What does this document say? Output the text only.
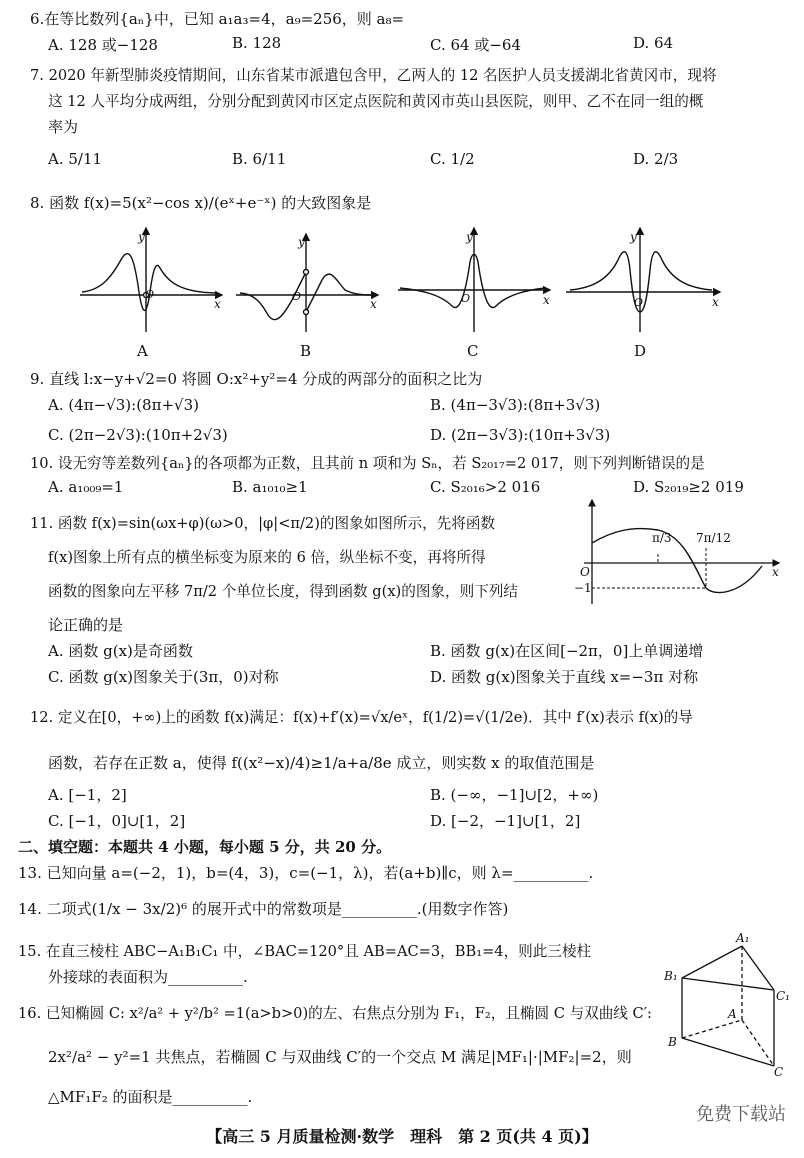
6.在等比数列{aₙ}中，已知 a₁a₃=4，a₉=256，则 a₈=
A. 128 或−128	B. 128	C. 64 或−64	D. 64
7. 2020 年新型肺炎疫情期间，山东省某市派遣包含甲，乙两人的 12 名医护人员支援湖北省黄冈市，现将
这 12 人平均分成两组，分别分配到黄冈市区定点医院和黄冈市英山县医院，则甲、乙不在同一组的概
率为
A. 5/11	B. 6/11	C. 1/2	D. 2/3
8. 函数 f(x)=5(x²−cos x)/(eˣ+e⁻ˣ) 的大致图象是
y
x
O
y
x
O
y
x
O
y
x
O
A	B	C	D
9. 直线 l:x−y+√2=0 将圆 O:x²+y²=4 分成的两部分的面积之比为
A. (4π−√3):(8π+√3)	B. (4π−3√3):(8π+3√3)
C. (2π−2√3):(10π+2√3)	D. (2π−3√3):(10π+3√3)
10. 设无穷等差数列{aₙ}的各项都为正数，且其前 n 项和为 Sₙ，若 S₂₀₁₇=2 017，则下列判断错误的是
A. a₁₀₀₉=1	B. a₁₀₁₀≥1	C. S₂₀₁₆>2 016	D. S₂₀₁₉≥2 019
11. 函数 f(x)=sin(ωx+φ)(ω>0，|φ|<π/2)的图象如图所示，先将函数
f(x)图象上所有点的横坐标变为原来的 6 倍，纵坐标不变，再将所得
函数的图象向左平移 7π/2 个单位长度，得到函数 g(x)的图象，则下列结
论正确的是
A. 函数 g(x)是奇函数	B. 函数 g(x)在区间[−2π，0]上单调递增
C. 函数 g(x)图象关于(3π，0)对称	D. 函数 g(x)图象关于直线 x=−3π 对称
π/3 7π/12
−1
O	x
12. 定义在[0，+∞)上的函数 f(x)满足：f(x)+f′(x)=√x/eˣ，f(1/2)=√(1/2e)．其中 f′(x)表示 f(x)的导
函数，若存在正数 a，使得 f((x²−x)/4)≥1/a+a/8e 成立，则实数 x 的取值范围是
A. [−1，2]	B. (−∞，−1]∪[2，+∞)
C. [−1，0]∪[1，2]	D. [−2，−1]∪[1，2]
二、填空题：本题共 4 小题，每小题 5 分，共 20 分。
13. 已知向量 a=(−2，1)，b=(4，3)，c=(−1，λ)，若(a+b)∥c，则 λ=__________.
14. 二项式(1/x − 3x/2)⁶ 的展开式中的常数项是__________.(用数字作答)
15. 在直三棱柱 ABC−A₁B₁C₁ 中，∠BAC=120°且 AB=AC=3，BB₁=4，则此三棱柱
外接球的表面积为__________.
A₁
B₁
C₁
A
B
C
16. 已知椭圆 C: x²/a² + y²/b² =1(a>b>0)的左、右焦点分别为 F₁，F₂，且椭圆 C 与双曲线 C′:
2x²/a² − y²=1 共焦点，若椭圆 C 与双曲线 C′的一个交点 M 满足|MF₁|·|MF₂|=2，则
△MF₁F₂ 的面积是__________.
【高三 5 月质量检测·数学　理科　第 2 页(共 4 页)】
免费下载站
